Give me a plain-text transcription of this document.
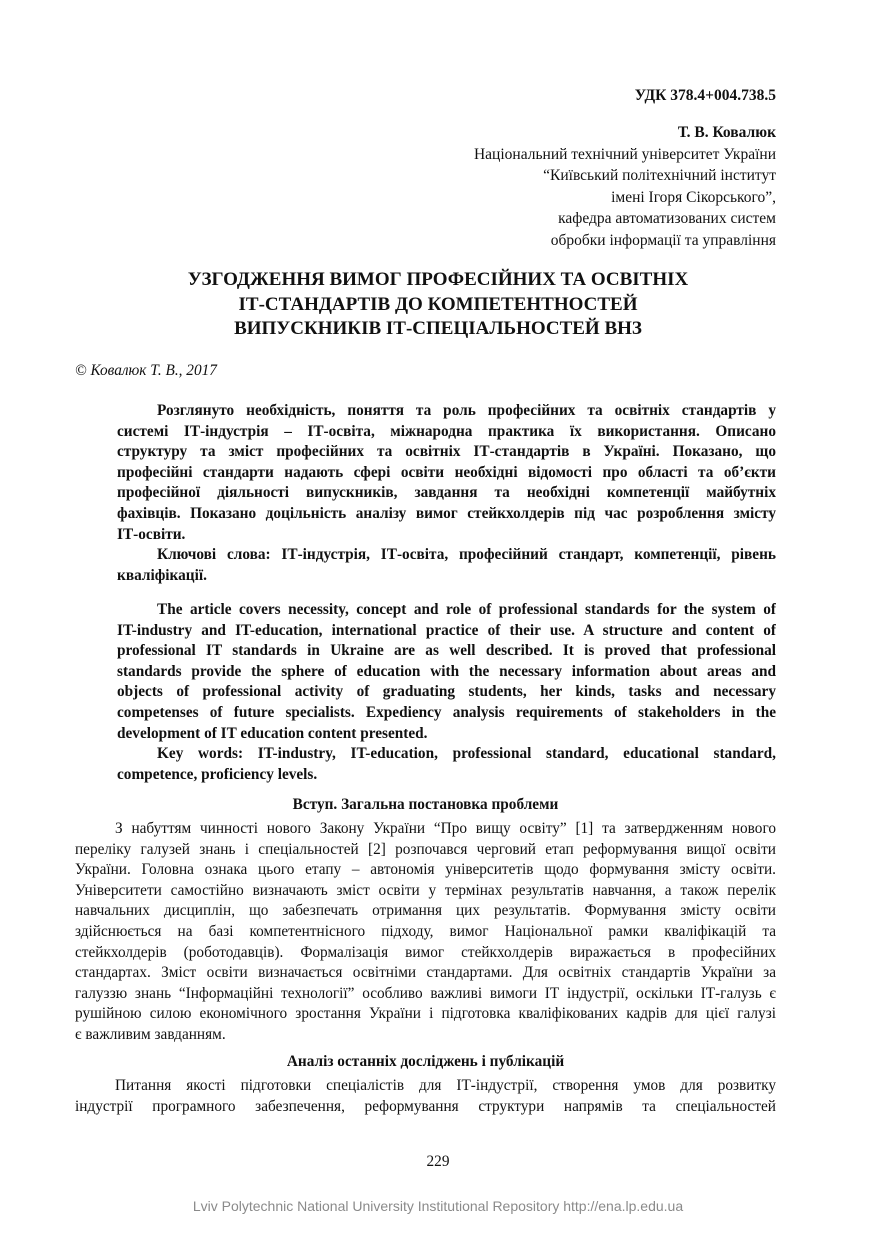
УДК 378.4+004.738.5
Т. В. Ковалюк
Національний технічний університет України
“Київський політехнічний інститут
імені Ігоря Сікорського”,
кафедра автоматизованих систем
обробки інформації та управління
УЗГОДЖЕННЯ ВИМОГ ПРОФЕСІЙНИХ ТА ОСВІТНІХ
ІТ-СТАНДАРТІВ ДО КОМПЕТЕНТНОСТЕЙ
ВИПУСКНИКІВ ІТ-СПЕЦІАЛЬНОСТЕЙ ВНЗ
© Ковалюк Т. В., 2017
Розглянуто необхідність, поняття та роль професійних та освітніх стандартів у
системі ІТ-індустрія – ІТ-освіта, міжнародна практика їх використання. Описано
структуру та зміст професійних та освітніх ІТ-стандартів в Україні. Показано, що
професійні стандарти надають сфері освіти необхідні відомості про області та об’єкти
професійної діяльності випускників, завдання та необхідні компетенції майбутніх
фахівців. Показано доцільність аналізу вимог стейкхолдерів під час розроблення змісту
ІТ-освіти.
Ключові слова: ІТ-індустрія, ІТ-освіта, професійний стандарт, компетенції, рівень
кваліфікації.
The article covers necessity, concept and role of professional standards for the system of
IT-industry and IT-education, international practice of their use. A structure and content of
professional IT standards in Ukraine are as well described. It is proved that professional
standards provide the sphere of education with the necessary information about areas and
objects of professional activity of graduating students, her kinds, tasks and necessary
competenses of future specialists. Expediency analysis requirements of stakeholders in the
development of IT education content presented.
Key words: IT-industry, IT-education, professional standard, educational standard,
competence, proficiency levels.
Вступ. Загальна постановка проблеми
З набуттям чинності нового Закону України “Про вищу освіту” [1] та затвердженням нового
переліку галузей знань і спеціальностей [2] розпочався черговий етап реформування вищої освіти
України. Головна ознака цього етапу – автономія університетів щодо формування змісту освіти.
Університети самостійно визначають зміст освіти у термінах результатів навчання, а також перелік
навчальних дисциплін, що забезпечать отримання цих результатів. Формування змісту освіти
здійснюється на базі компетентнісного підходу, вимог Національної рамки кваліфікацій та
стейкхолдерів (роботодавців). Формалізація вимог стейкхолдерів виражається в професійних
стандартах. Зміст освіти визначається освітніми стандартами. Для освітніх стандартів України за
галуззю знань “Інформаційні технології” особливо важливі вимоги ІТ індустрії, оскільки ІТ-галузь є
рушійною силою економічного зростання України і підготовка кваліфікованих кадрів для цієї галузі
є важливим завданням.
Аналіз останніх досліджень і публікацій
Питання якості підготовки спеціалістів для ІТ-індустрії, створення умов для розвитку
індустрії програмного забезпечення, реформування структури напрямів та спеціальностей
229
Lviv Polytechnic National University Institutional Repository http://ena.lp.edu.ua
